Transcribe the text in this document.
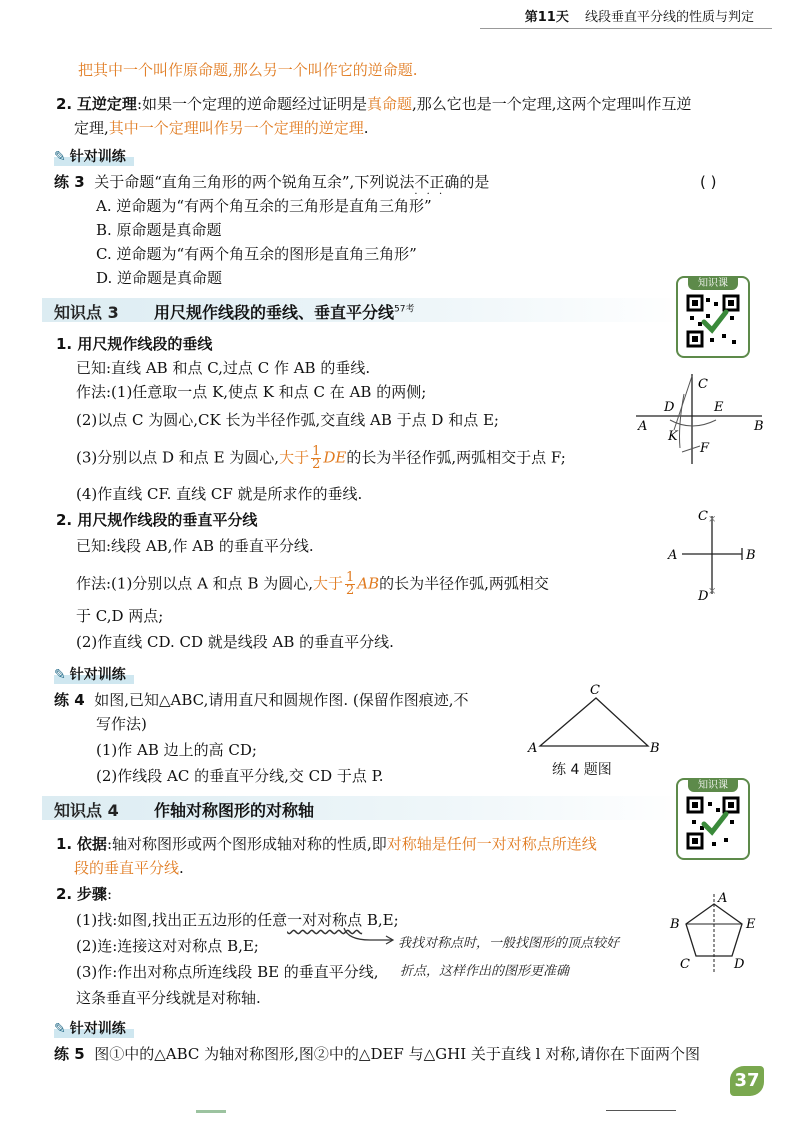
第11天 线段垂直平分线的性质与判定
把其中一个叫作原命题,那么另一个叫作它的逆命题.
2. 互逆定理:如果一个定理的逆命题经过证明是真命题,那么它也是一个定理,这两个定理叫作互逆
定理,其中一个定理叫作另一个定理的逆定理.
✎ 针对训练
练 3 关于命题“直角三角形的两个锐角互余”,下列说法不正确 · · ·的是	( )
A. 逆命题为“有两个角互余的三角形是直角三角形”
B. 原命题是真命题
C. 逆命题为“有两个角互余的图形是直角三角形”
D. 逆命题是真命题
知识点 3 用尺规作线段的垂线、垂直平分线$^{57考}$
知识课
1. 用尺规作线段的垂线
已知:直线 AB 和点 C,过点 C 作 AB 的垂线.
作法:(1)任意取一点 K,使点 K 和点 C 在 AB 的两侧;
(2)以点 C 为圆心,CK 长为半径作弧,交直线 AB 于点 D 和点 E;
(3)分别以点 D 和点 E 为圆心,大于 $\frac{1}{2}$ DE的长为半径作弧,两弧相交于点 F;
(4)作直线 CF. 直线 CF 就是所求作的垂线.
C
D	E
A	B
K
F
2. 用尺规作线段的垂直平分线
已知:线段 AB,作 AB 的垂直平分线.
作法:(1)分别以点 A 和点 B 为圆心,大于 $\frac{1}{2}$ AB的长为半径作弧,两弧相交
于 C,D 两点;
(2)作直线 CD. CD 就是线段 AB 的垂直平分线.
×
×
C
A	B
D
✎ 针对训练
练 4 如图,已知△ABC,请用直尺和圆规作图. (保留作图痕迹,不
写作法)
(1)作 AB 边上的高 CD;
(2)作线段 AC 的垂直平分线,交 CD 于点 P.
A
C
B
练 4 题图
知识点 4 作轴对称图形的对称轴
知识课
1. 依据:轴对称图形或两个图形成轴对称的性质,即对称轴是任何一对对称点所连线
段的垂直平分线.
2. 步骤:
(1)找:如图,找出正五边形的任意一对对称点 B,E;
(2)连:连接这对对称点 B,E;
(3)作:作出对称点所连线段 BE 的垂直平分线,
这条垂直平分线就是对称轴.
我找对称点时，一般找图形的顶点较好
折点，这样作出的图形更准确
A
B	E
C	D
✎ 针对训练
练 5 图①中的△ABC 为轴对称图形,图②中的△DEF 与△GHI 关于直线 l 对称,请你在下面两个图
37
